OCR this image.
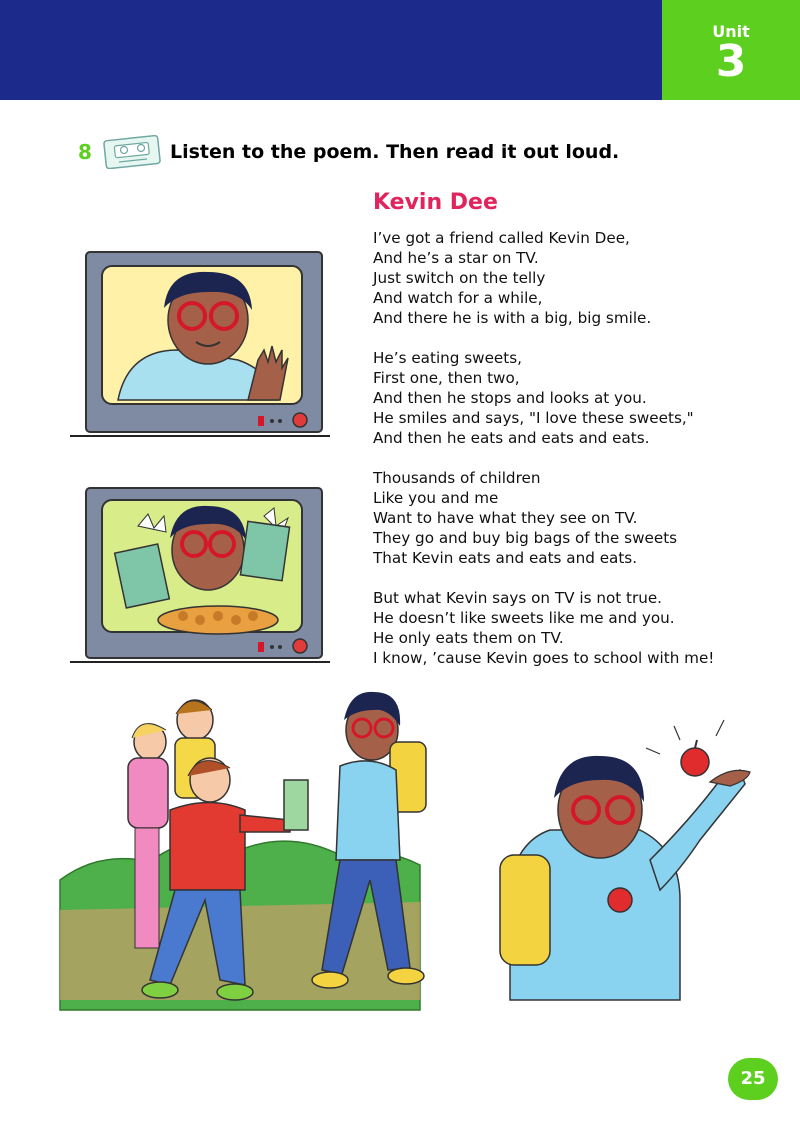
Unit
3
8	Listen to the poem. Then read it out loud.
Kevin Dee
I’ve got a friend called Kevin Dee,
And he’s a star on TV.
Just switch on the telly
And watch for a while,
And there he is with a big, big smile.
He’s eating sweets,
First one, then two,
And then he stops and looks at you.
He smiles and says, "I love these sweets,"
And then he eats and eats and eats.
Thousands of children
Like you and me
Want to have what they see on TV.
They go and buy big bags of the sweets
That Kevin eats and eats and eats.
But what Kevin says on TV is not true.
He doesn’t like sweets like me and you.
He only eats them on TV.
I know, ’cause Kevin goes to school with me!
25
